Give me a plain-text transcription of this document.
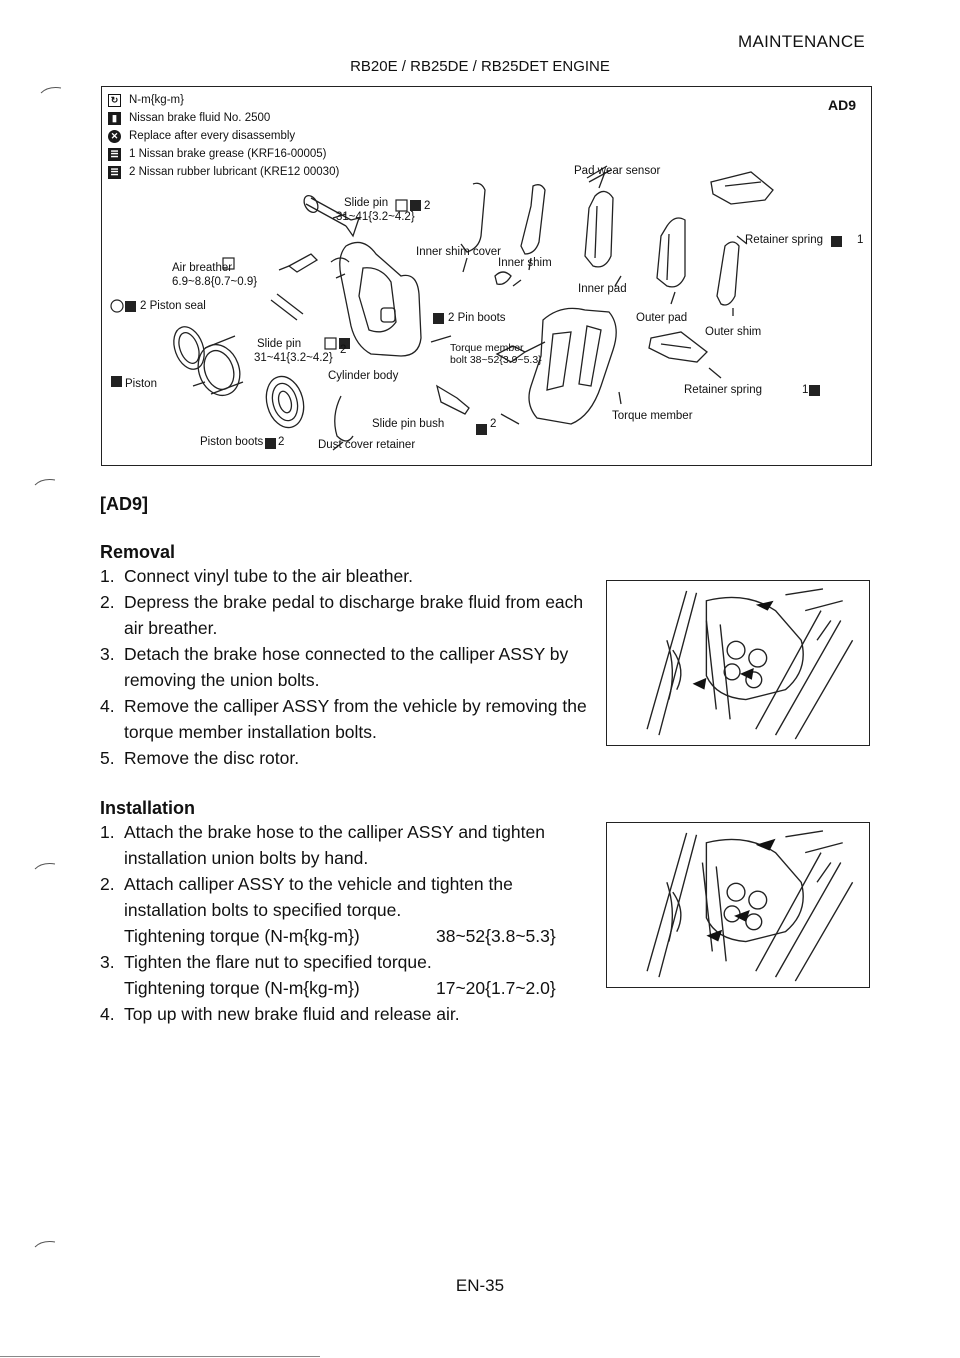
MAINTENANCE
RB20E / RB25DE / RB25DET ENGINE
AD9
↻ N-m{kg-m}
▮	Nissan brake fluid No. 2500
✕ Replace after every disassembly
☰ 1 Nissan brake grease (KRF16-00005)
☰ 2 Nissan rubber lubricant (KRE12 00030)	Pad wear sensor
Slide pin	2
31~41{3.2~4.2}
Retainer spring	1
Inner shim cover
Inner shim
Air breather
6.9~8.8{0.7~0.9}
Inner pad
2 Piston seal
2 Pin boots	Outer pad
Outer shim
Slide pin
31~41{3.2~4.2}
2	Torque member
bolt 38~52{3.9~5.3}
Piston
Cylinder body
Retainer spring	1
Torque member
Slide pin bush	2
Piston boots 2	Dust cover retainer
[AD9]
Removal
1. Connect vinyl tube to the air bleather.
2. Depress the brake pedal to discharge brake fluid from each air breather.
3. Detach the brake hose connected to the calliper ASSY by removing the union bolts.
4. Remove the calliper ASSY from the vehicle by removing the torque member installation bolts.
5. Remove the disc rotor.
Installation
1. Attach the brake hose to the calliper ASSY and tighten installation union bolts by hand.
2. Attach calliper ASSY to the vehicle and tighten the installation bolts to specified torque.
Tightening torque (N-m{kg-m})	38~52{3.8~5.3}
3. Tighten the flare nut to specified torque.
Tightening torque (N-m{kg-m})	17~20{1.7~2.0}
4. Top up with new brake fluid and release air.
EN-35
